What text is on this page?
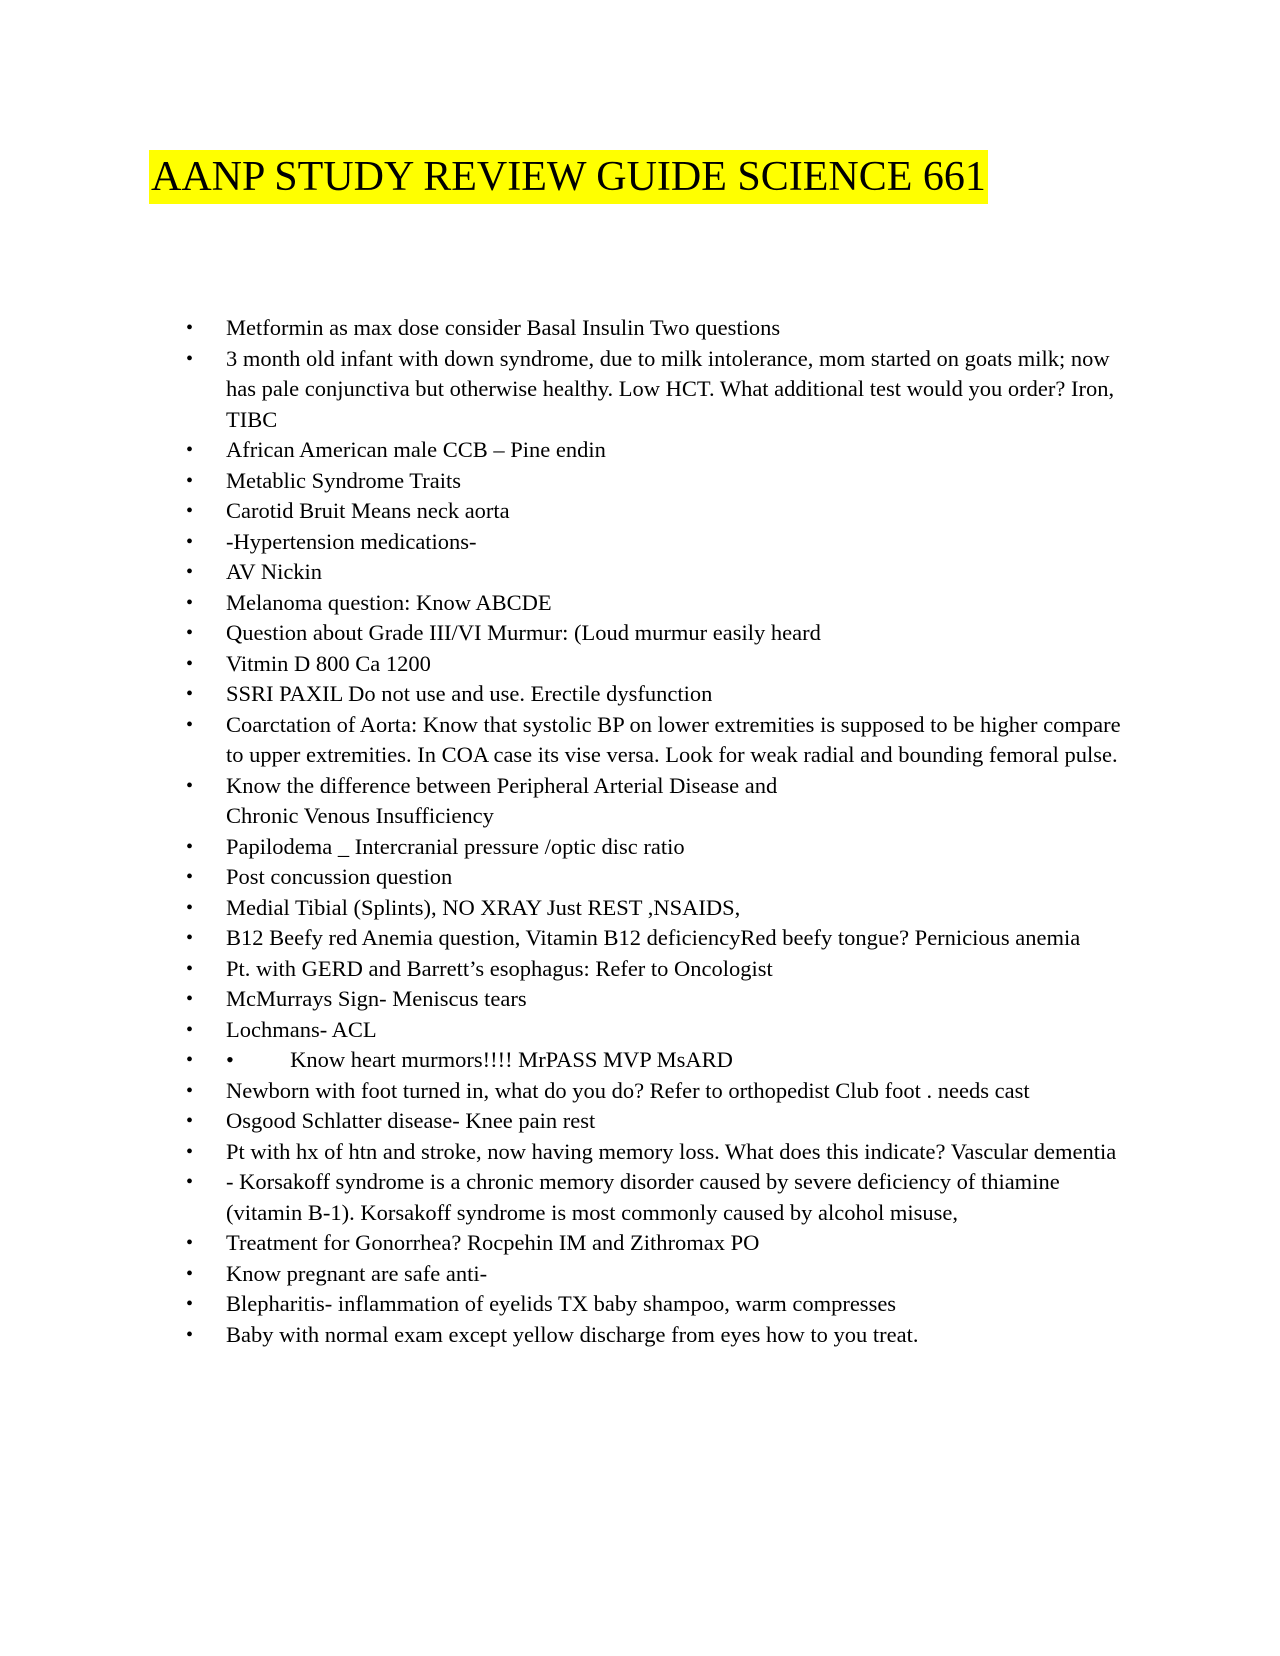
AANP STUDY REVIEW GUIDE SCIENCE 661
•	Metformin as max dose consider Basal Insulin Two questions
•	3 month old infant with down syndrome, due to milk intolerance, mom started on goats milk; now has pale conjunctiva but otherwise healthy. Low HCT. What additional test would you order? Iron, TIBC
•	African American male CCB – Pine endin
•	Metablic Syndrome Traits
•	Carotid Bruit Means neck aorta
•	-Hypertension medications-
•	AV Nickin
•	Melanoma question: Know ABCDE
•	Question about Grade III/VI Murmur: (Loud murmur easily heard
•	Vitmin D 800 Ca 1200
•	SSRI PAXIL Do not use and use. Erectile dysfunction
•	Coarctation of Aorta: Know that systolic BP on lower extremities is supposed to be higher compare to upper extremities. In COA case its vise versa. Look for weak radial and bounding femoral pulse.
•	Know the difference between Peripheral Arterial Disease and
Chronic Venous Insufficiency
•	Papilodema _ Intercranial pressure /optic disc ratio
•	Post concussion question
•	Medial Tibial (Splints), NO XRAY Just REST ,NSAIDS,
•	B12 Beefy red Anemia question, Vitamin B12 deficiencyRed beefy tongue? Pernicious anemia
•	Pt. with GERD and Barrett’s esophagus: Refer to Oncologist
•	McMurrays Sign- Meniscus tears
•	Lochmans- ACL
•	•          Know heart murmors!!!! MrPASS MVP MsARD
•	Newborn with foot turned in, what do you do? Refer to orthopedist Club foot . needs cast
•	Osgood Schlatter disease- Knee pain rest
•	Pt with hx of htn and stroke, now having memory loss. What does this indicate? Vascular dementia
•	- Korsakoff syndrome is a chronic memory disorder caused by severe deficiency of thiamine (vitamin B-1). Korsakoff syndrome is most commonly caused by alcohol misuse,
•	Treatment for Gonorrhea? Rocpehin IM and Zithromax PO
•	Know pregnant are safe anti-
•	Blepharitis- inflammation of eyelids TX baby shampoo, warm compresses
•	Baby with normal exam except yellow discharge from eyes how to you treat.
